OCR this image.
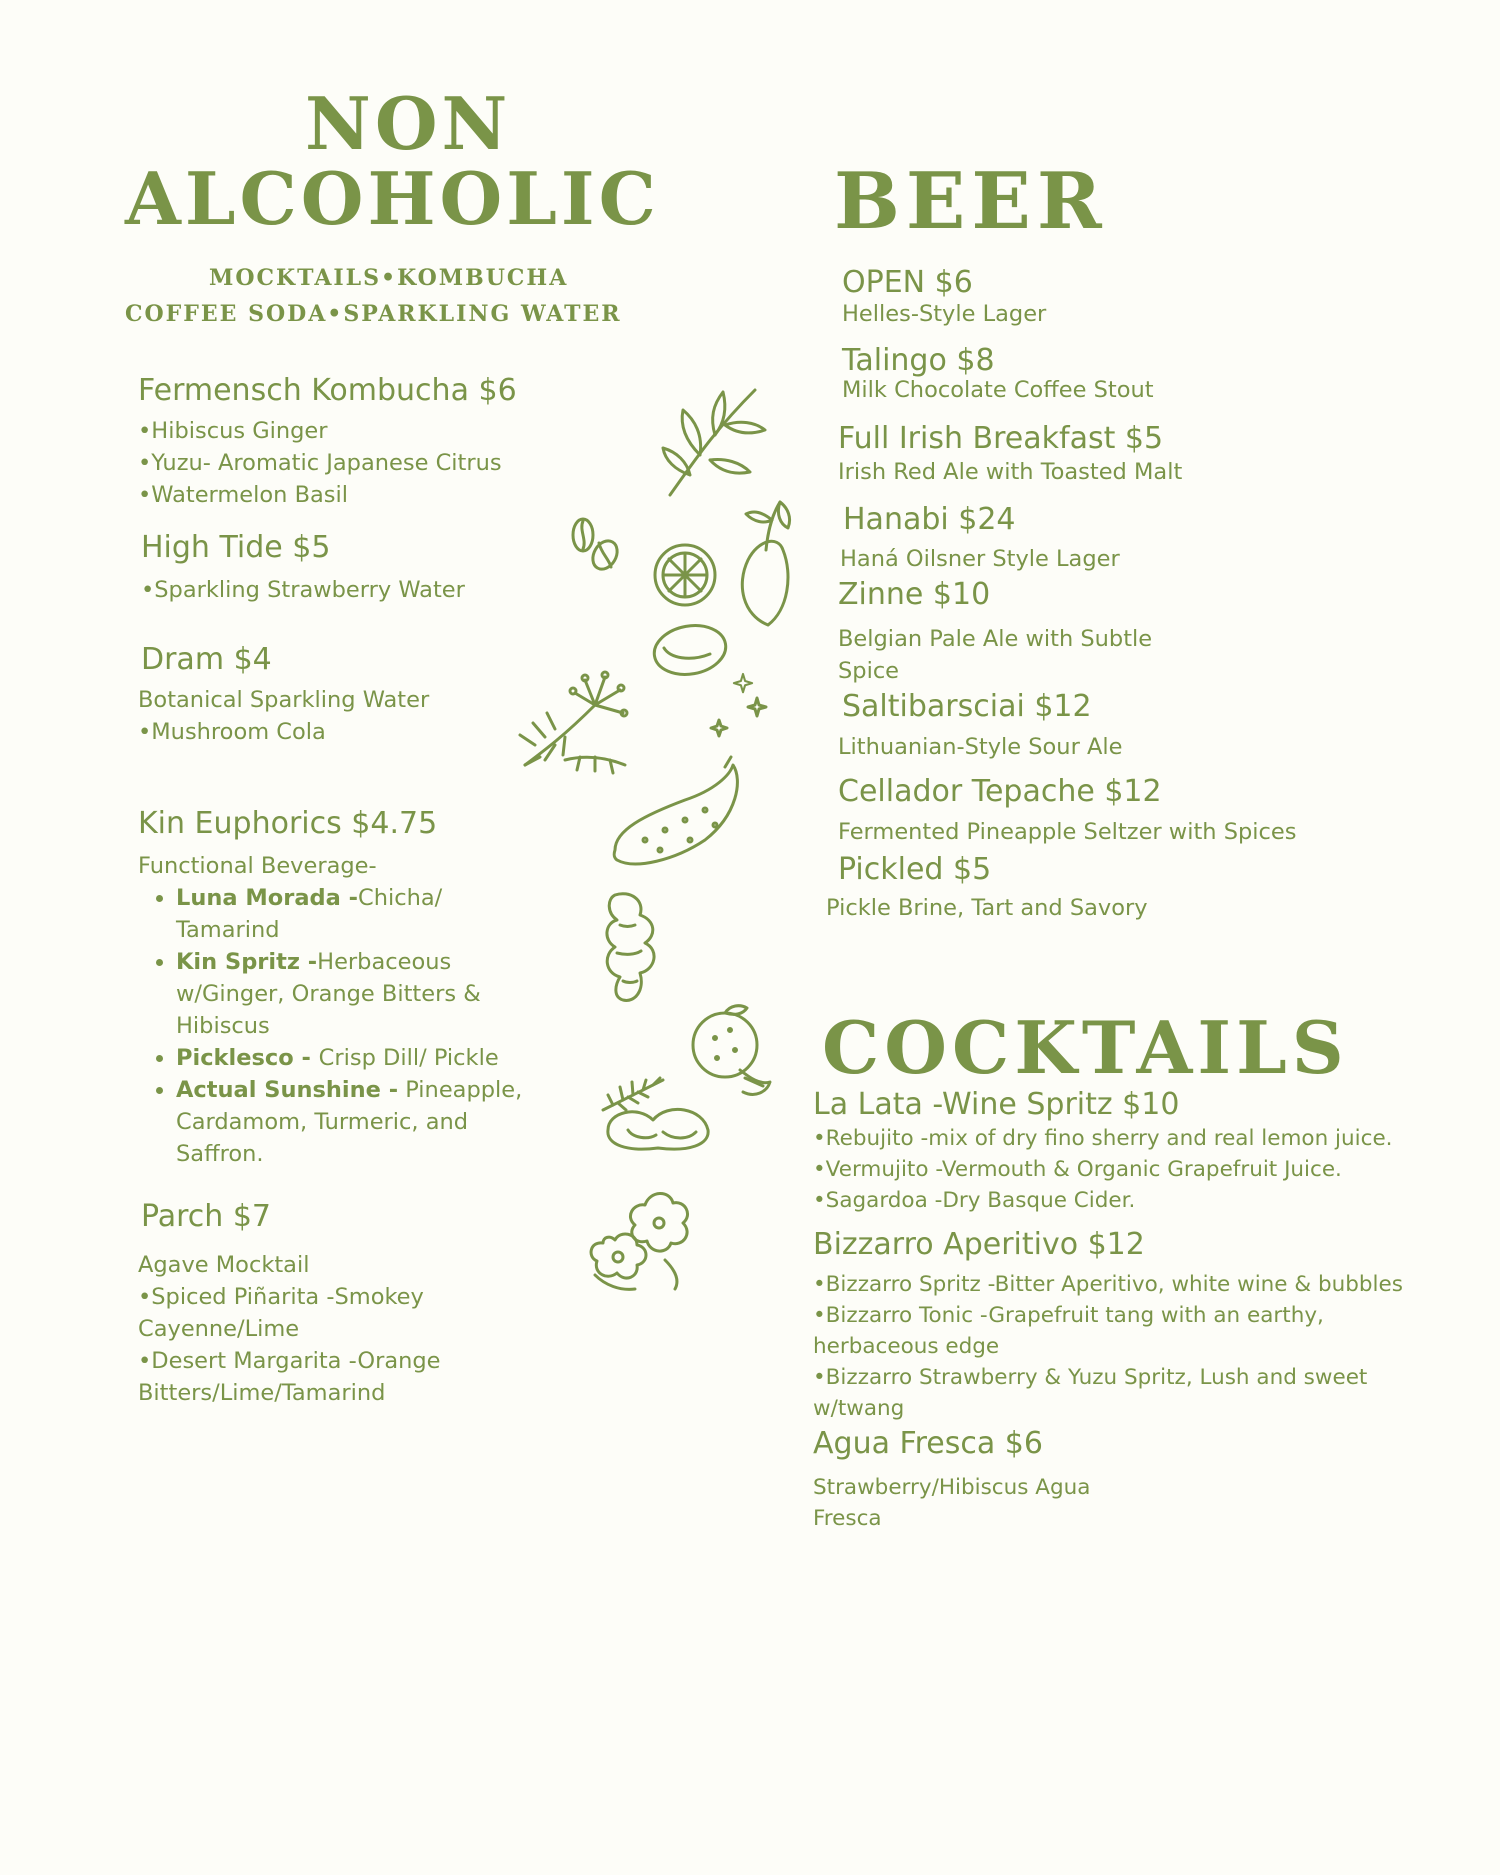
NON

ALCOHOLIC

MOCKTAILS•KOMBUCHA

COFFEE SODA•SPARKLING WATER

Fermensch Kombucha $6

•Hibiscus Ginger

•Yuzu- Aromatic Japanese Citrus

•Watermelon Basil

High Tide $5

•Sparkling Strawberry Water

Dram $4

Botanical Sparkling Water

•Mushroom Cola

Kin Euphorics $4.75

Functional Beverage-

• Luna Morada -Chicha/
Tamarind
• Kin Spritz -Herbaceous
w/Ginger, Orange Bitters &
Hibiscus
• Picklesco - Crisp Dill/ Pickle
• Actual Sunshine - Pineapple,
Cardamom, Turmeric, and
Saffron.

Parch $7

Agave Mocktail

•Spiced Piñarita -Smokey

Cayenne/Lime

•Desert Margarita -Orange

Bitters/Lime/Tamarind

BEER

OPEN $6

Helles-Style Lager

Talingo $8

Milk Chocolate Coffee Stout

Full Irish Breakfast $5

Irish Red Ale with Toasted Malt

Hanabi $24

Haná Oilsner Style Lager

Zinne $10

Belgian Pale Ale with Subtle

Spice

Saltibarsciai $12

Lithuanian-Style Sour Ale

Cellador Tepache $12

Fermented Pineapple Seltzer with Spices

Pickled $5

Pickle Brine, Tart and Savory

COCKTAILS

La Lata -Wine Spritz $10

•Rebujito -mix of dry fino sherry and real lemon juice.

•Vermujito -Vermouth & Organic Grapefruit Juice.

•Sagardoa -Dry Basque Cider.

Bizzarro Aperitivo $12

•Bizzarro Spritz -Bitter Aperitivo, white wine & bubbles

•Bizzarro Tonic -Grapefruit tang with an earthy,

herbaceous edge

•Bizzarro Strawberry & Yuzu Spritz, Lush and sweet

w/twang

Agua Fresca $6

Strawberry/Hibiscus Agua

Fresca
